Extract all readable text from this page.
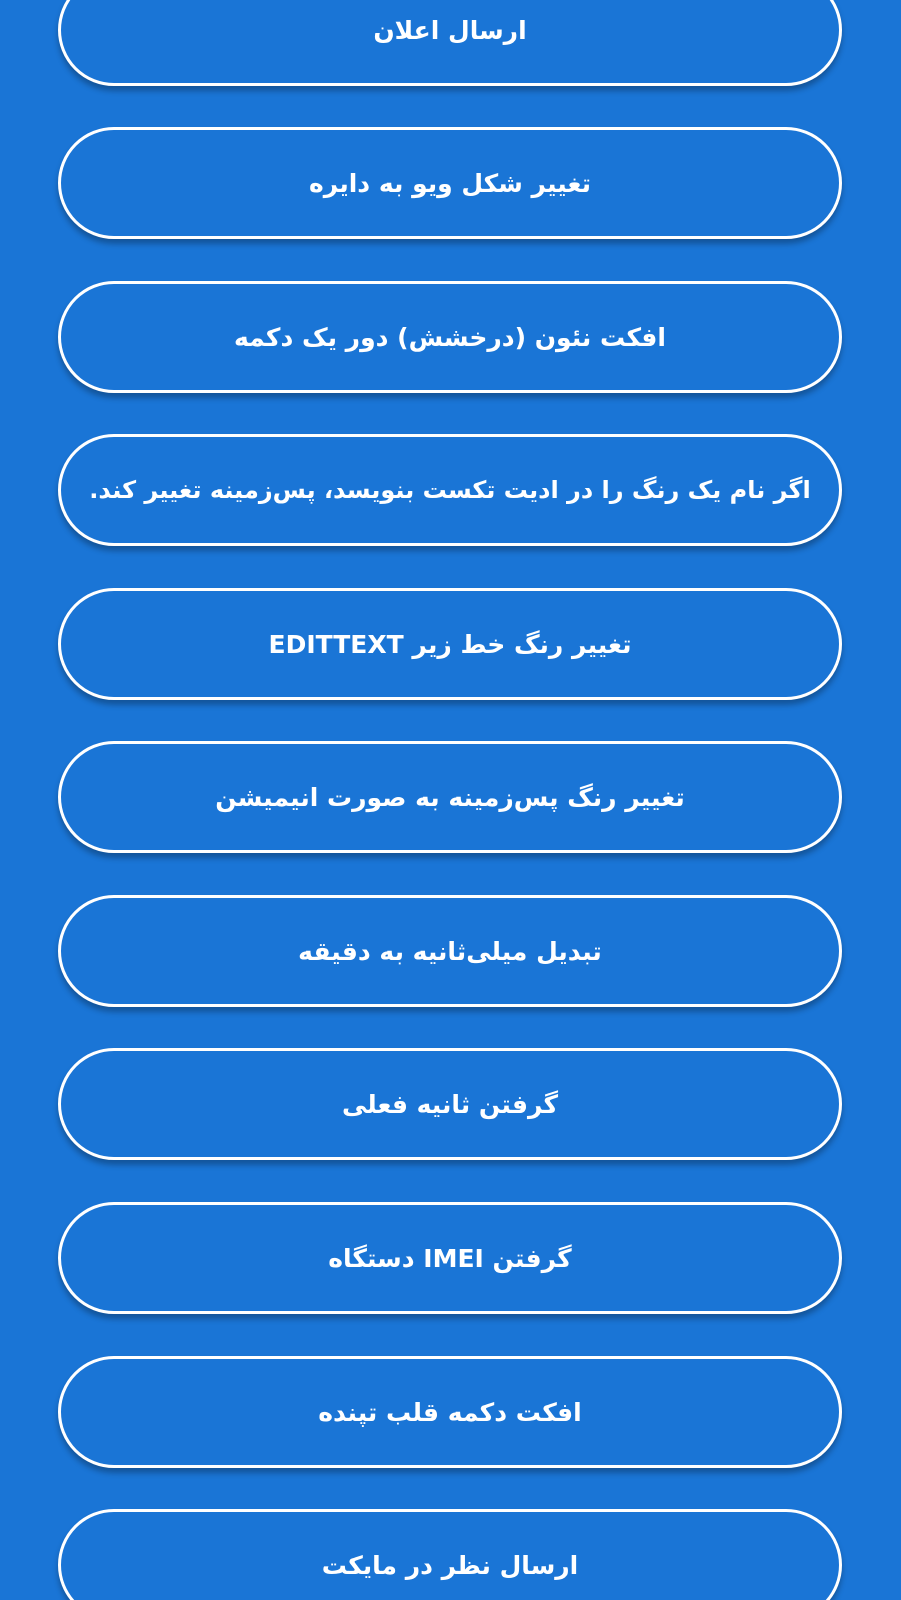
ارسال اعلان
تغییر شکل ویو به دایره
افکت نئون (درخشش) دور یک دکمه
اگر نام یک رنگ را در ادیت تکست بنویسد، پس‌زمینه تغییر کند.
تغییر رنگ خط زیر EDITTEXT
تغییر رنگ پس‌زمینه به صورت انیمیشن
تبدیل میلی‌ثانیه به دقیقه
گرفتن ثانیه فعلی
گرفتن IMEI دستگاه
افکت دکمه قلب تپنده
ارسال نظر در مایکت
